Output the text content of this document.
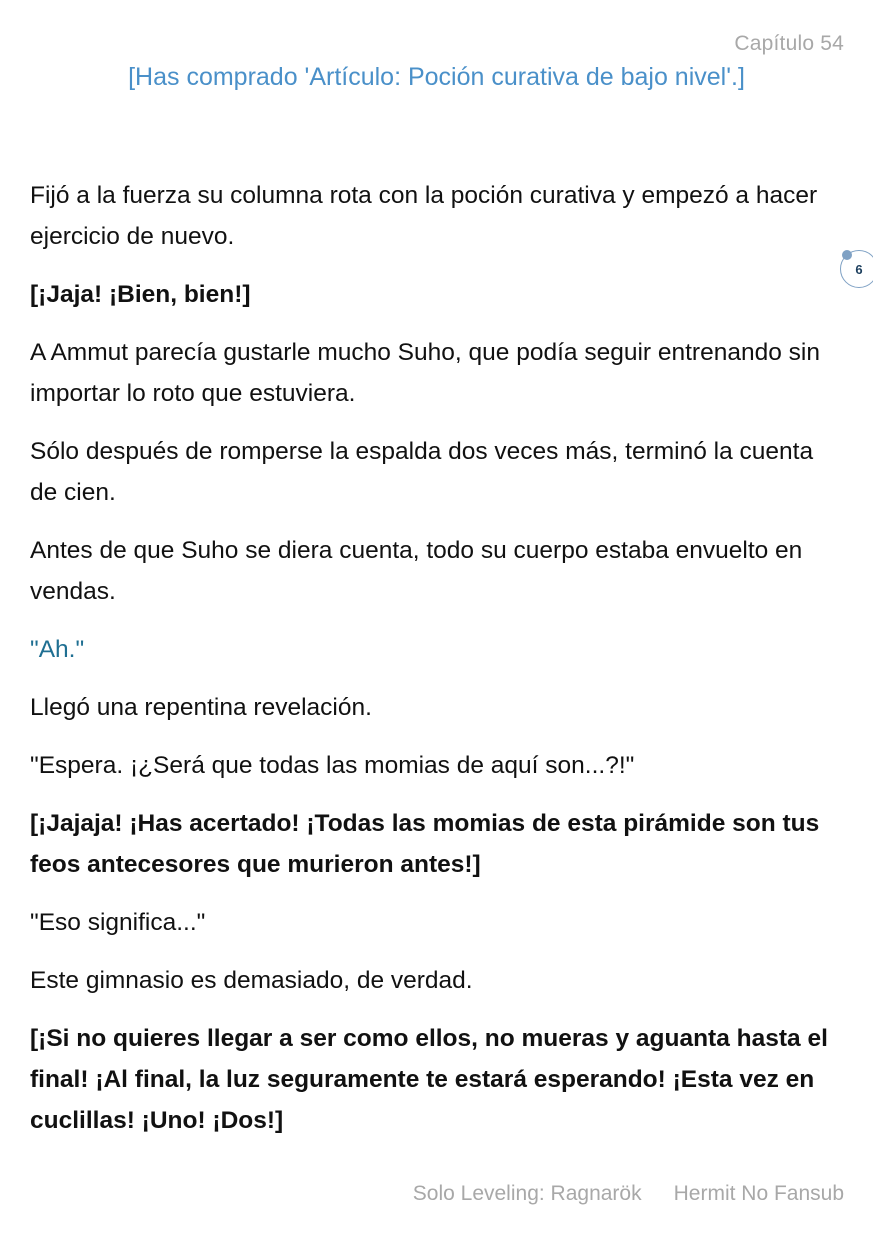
Capítulo 54
[Has comprado 'Artículo: Poción curativa de bajo nivel'.]
6

Fijó a la fuerza su columna rota con la poción curativa y empezó a hacer ejercicio de nuevo.

[¡Jaja! ¡Bien, bien!]

A Ammut parecía gustarle mucho Suho, que podía seguir entrenando sin importar lo roto que estuviera.

Sólo después de romperse la espalda dos veces más, terminó la cuenta de cien.

Antes de que Suho se diera cuenta, todo su cuerpo estaba envuelto en vendas.

"Ah."

Llegó una repentina revelación.

"Espera. ¡¿Será que todas las momias de aquí son...?!"

[¡Jajaja! ¡Has acertado! ¡Todas las momias de esta pirámide son tus feos antecesores que murieron antes!]

"Eso significa..."

Este gimnasio es demasiado, de verdad.

[¡Si no quieres llegar a ser como ellos, no mueras y aguanta hasta el final! ¡Al final, la luz seguramente te estará esperando! ¡Esta vez en cuclillas! ¡Uno! ¡Dos!]

Solo Leveling: Ragnarök Hermit No Fansub
